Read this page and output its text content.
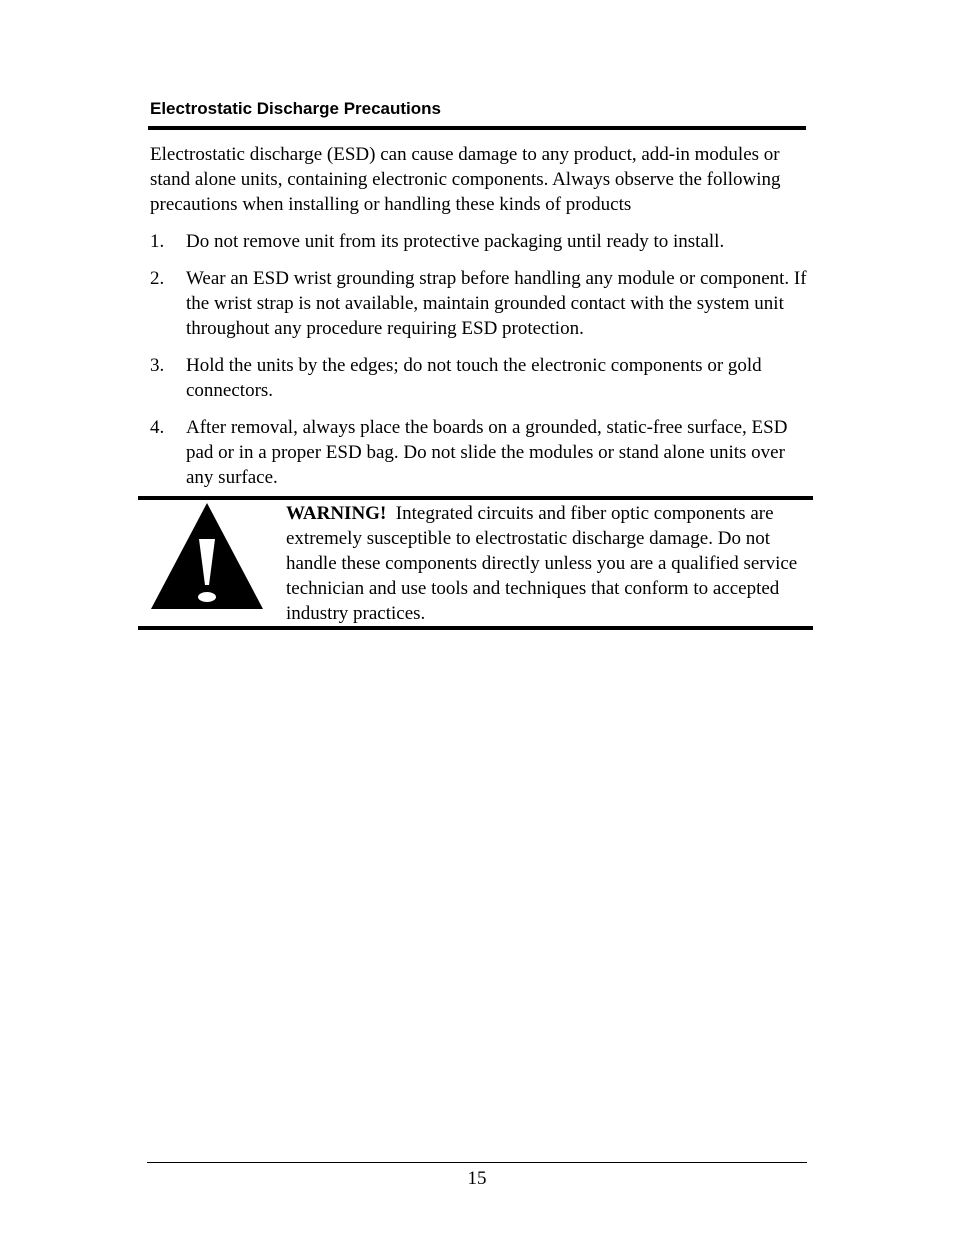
Electrostatic Discharge Precautions

Electrostatic discharge (ESD) can cause damage to any product, add-in modules or stand alone units, containing electronic components. Always observe the following precautions when installing or handling these kinds of products

1. Do not remove unit from its protective packaging until ready to install.
2. Wear an ESD wrist grounding strap before handling any module or component. If the wrist strap is not available, maintain grounded contact with the system unit throughout any procedure requiring ESD protection.
3. Hold the units by the edges; do not touch the electronic components or gold connectors.
4. After removal, always place the boards on a grounded, static-free surface, ESD pad or in a proper ESD bag. Do not slide the modules or stand alone units over any surface.
WARNING! Integrated circuits and fiber optic components are extremely susceptible to electrostatic discharge damage. Do not handle these components directly unless you are a qualified service technician and use tools and techniques that conform to accepted industry practices.
15
